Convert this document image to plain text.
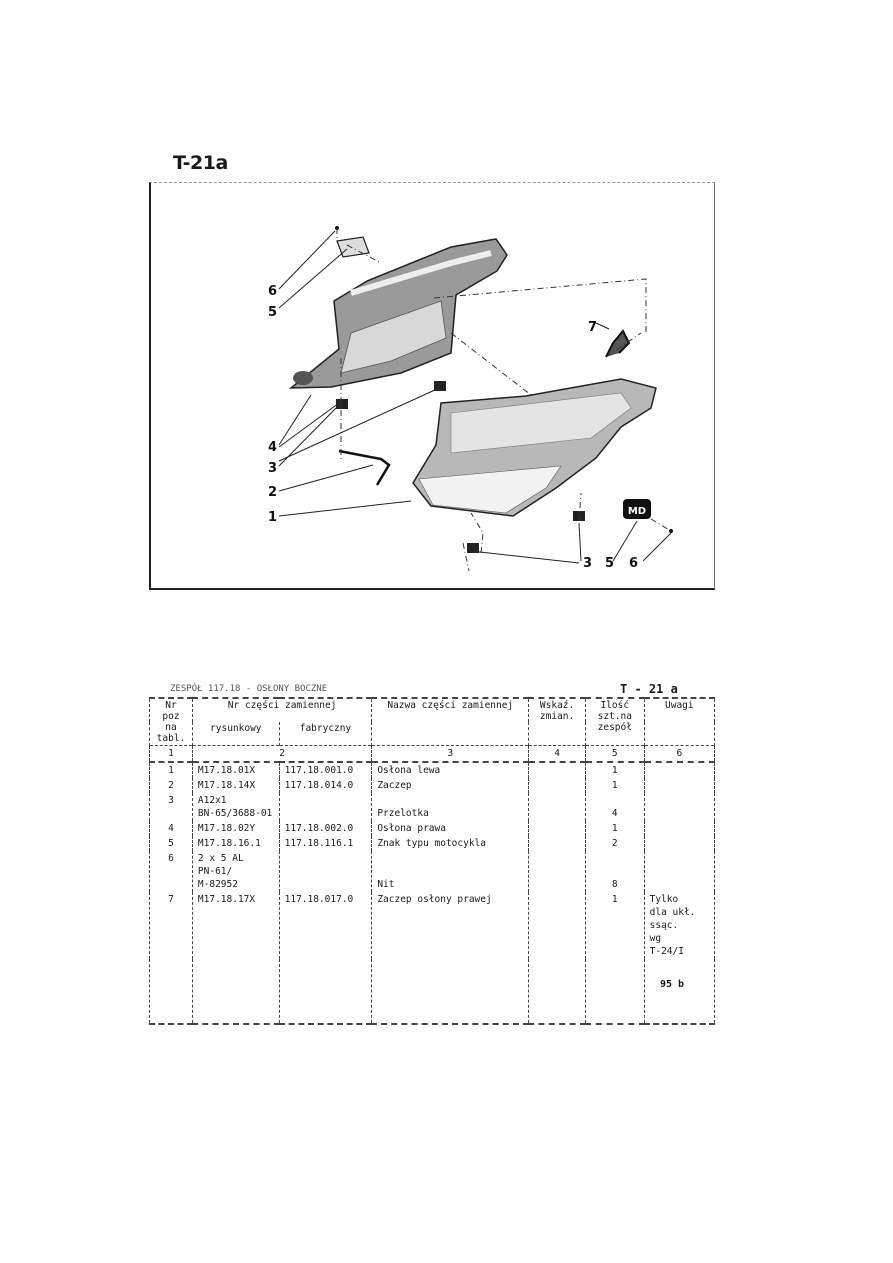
T-21a
MD
6
5
4
3
2
1
7
3 5 6
ZESPÓŁ 117.18 - OSŁONY BOCZNE	T - 21 a
Nr poz na tabl.	Nr części zamiennej		Nazwa części zamiennej	Wskaź. zmian.	Ilość szt.na zespół	Uwagi
	rysunkowy	fabryczny				
1	2		3	4	5	6
1	M17.18.01X	117.18.001.0	Osłona lewa		1	
2	M17.18.14X	117.18.014.0	Zaczep		1	
3	A12x1
BN-65/3688-01		Przelotka		4	
4	M17.18.02Y	117.18.002.0	Osłona prawa		1	
5	M17.18.16.1	117.18.116.1	Znak typu motocykla		2	
6	2 x 5 AL
PN-61/
M-82952		Nit		8	
7	M17.18.17X	117.18.017.0	Zaczep osłony prawej		1	Tylko
dla ukł.
ssąc.
wg
T-24/I

95 b
